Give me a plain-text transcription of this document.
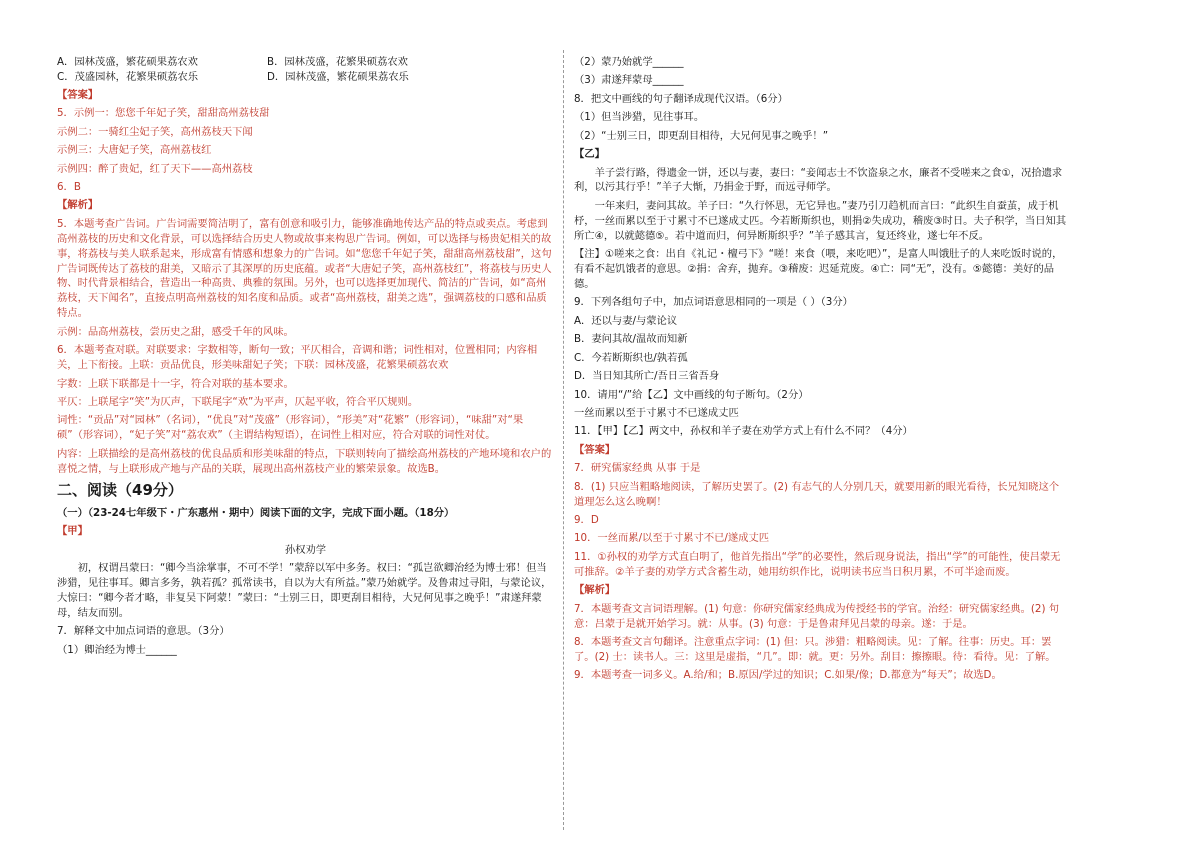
A．园林茂盛，繁花硕果荔农欢	B．园林茂盛，花繁果硕荔农欢
C．茂盛园林，花繁果硕荔农乐	D．园林茂盛，繁花硕果荔农乐

【答案】

5．示例一：您您千年妃子笑，甜甜高州荔枝甜

示例二：一骑红尘妃子笑，高州荔枝天下闻

示例三：大唐妃子笑，高州荔枝红

示例四：醉了贵妃，红了天下——高州荔枝

6．B

【解析】

5．本题考查广告词。广告词需要简洁明了，富有创意和吸引力，能够准确地传达产品的特点或卖点。考虑到高州荔枝的历史和文化背景，可以选择结合历史人物或故事来构思广告词。例如，可以选择与杨贵妃相关的故事，将荔枝与美人联系起来，形成富有情感和想象力的广告词。如“您您千年妃子笑，甜甜高州荔枝甜”，这句广告词既传达了荔枝的甜美，又暗示了其深厚的历史底蕴。或者“大唐妃子笑，高州荔枝红”，将荔枝与历史人物、时代背景相结合，营造出一种高贵、典雅的氛围。另外，也可以选择更加现代、简洁的广告词，如“高州荔枝，天下闻名”，直接点明高州荔枝的知名度和品质。或者“高州荔枝，甜美之选”，强调荔枝的口感和品质特点。

示例：品高州荔枝，尝历史之甜，感受千年的风味。

6．本题考查对联。对联要求：字数相等，断句一致；平仄相合，音调和谐；词性相对，位置相同；内容相关，上下衔接。上联：贡品优良，形美味甜妃子笑；下联：园林茂盛，花繁果硕荔农欢

字数：上联下联都是十一字，符合对联的基本要求。

平仄：上联尾字“笑”为仄声，下联尾字“欢”为平声，仄起平收，符合平仄规则。

词性：“贡品”对“园林”（名词），“优良”对“茂盛”（形容词），“形美”对“花繁”（形容词），“味甜”对“果硕”（形容词），“妃子笑”对“荔农欢”（主谓结构短语），在词性上相对应，符合对联的词性对仗。

内容：上联描绘的是高州荔枝的优良品质和形美味甜的特点，下联则转向了描绘高州荔枝的产地环境和农户的喜悦之情，与上联形成产地与产品的关联，展现出高州荔枝产业的繁荣景象。故选B。

二、阅读（49分）

（一）（23-24七年级下・广东惠州・期中）阅读下面的文字，完成下面小题。（18分）

【甲】

孙权劝学

初，权谓吕蒙曰：“卿今当涂掌事，不可不学！”蒙辞以军中多务。权曰：“孤岂欲卿治经为博士邪！但当涉猎，见往事耳。卿言多务，孰若孤？孤常读书，自以为大有所益。”蒙乃始就学。及鲁肃过寻阳，与蒙论议，大惊曰：“卿今者才略，非复吴下阿蒙！”蒙曰：“士别三日，即更刮目相待，大兄何见事之晚乎！”肃遂拜蒙母，结友而别。

7．解释文中加点词语的意思。（3分）

（1）卿治经为博士______

（2）蒙乃始就学______

（3）肃遂拜蒙母______

8．把文中画线的句子翻译成现代汉语。（6分）

（1）但当涉猎，见往事耳。

（2）“士别三日，即更刮目相待，大兄何见事之晚乎！”

【乙】

羊子尝行路，得遗金一饼，还以与妻，妻曰：“妾闻志士不饮盗泉之水，廉者不受嗟来之食①，况拾遗求利，以污其行乎！”羊子大惭，乃捐金于野，而远寻师学。

一年来归，妻问其故。羊子曰：“久行怀思，无它异也。”妻乃引刀趋机而言曰：“此织生自蚕茧，成于机杼，一丝而累以至于寸累寸不已遂成丈匹。今若断斯织也，则捐②失成功，稽废③时日。夫子积学，当日知其所亡④，以就懿德⑤。若中道而归，何异断斯织乎？”羊子感其言，复还终业，遂七年不反。

【注】①嗟来之食：出自《礼记・檀弓下》“嗟！来食（喂，来吃吧）”，是富人叫饿肚子的人来吃饭时说的，有看不起饥饿者的意思。②捐：舍弃，抛弃。③稽废：迟延荒废。④亡：同“无”，没有。⑤懿德：美好的品德。

9．下列各组句子中，加点词语意思相同的一项是（ ）（3分）

A．还以与妻/与蒙论议

B．妻问其故/温故而知新

C．今若断斯织也/孰若孤

D．当日知其所亡/吾日三省吾身

10．请用“/”给【乙】文中画线的句子断句。（2分）

一丝而累以至于寸累寸不已遂成丈匹

11．【甲】【乙】两文中，孙权和羊子妻在劝学方式上有什么不同？（4分）

【答案】

7．研究儒家经典 从事 于是

8．(1) 只应当粗略地阅读，了解历史罢了。(2) 有志气的人分别几天，就要用新的眼光看待，长兄知晓这个道理怎么这么晚啊！

9．D

10．一丝而累/以至于寸累寸不已/遂成丈匹

11．①孙权的劝学方式直白明了，他首先指出“学”的必要性，然后现身说法，指出“学”的可能性，使吕蒙无可推辞。②羊子妻的劝学方式含蓄生动，她用纺织作比，说明读书应当日积月累，不可半途而废。

【解析】

7．本题考查文言词语理解。(1) 句意：你研究儒家经典成为传授经书的学官。治经：研究儒家经典。(2) 句意：吕蒙于是就开始学习。就：从事。(3) 句意：于是鲁肃拜见吕蒙的母亲。遂：于是。

8．本题考查文言句翻译。注意重点字词：(1) 但：只。涉猎：粗略阅读。见：了解。往事：历史。耳：罢了。(2) 士：读书人。三：这里是虚指，“几”。即：就。更：另外。刮目：擦擦眼。待：看待。见：了解。

9．本题考查一词多义。A.给/和；B.原因/学过的知识；C.如果/像；D.都意为“每天”；故选D。
